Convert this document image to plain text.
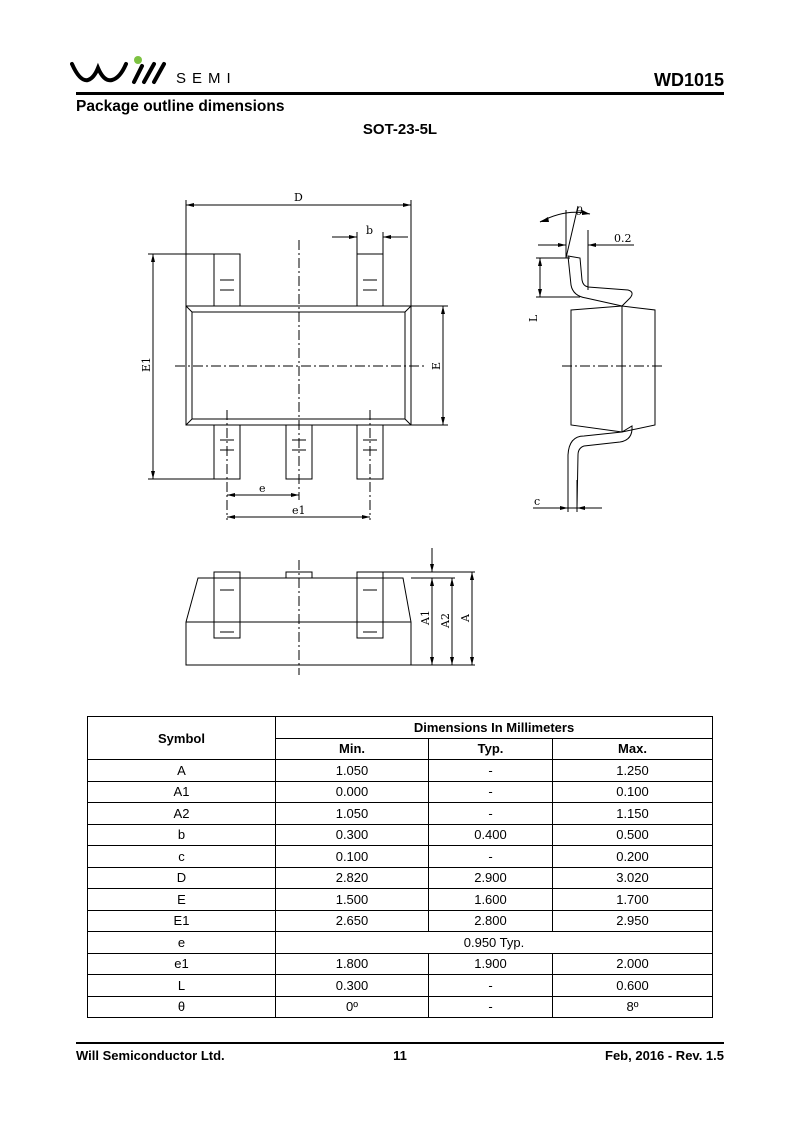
SEMI	WD1015
Package outline dimensions
SOT-23-5L
D
b
E1	E
e
e1
θ
0.2
L
c
A1 A2 A
Symbol	Dimensions In Millimeters		
	Min.	Typ.	Max.
A	1.050	-	1.250
A1	0.000	-	0.100
A2	1.050	-	1.150
b	0.300	0.400	0.500
c	0.100	-	0.200
D	2.820	2.900	3.020
E	1.500	1.600	1.700
E1	2.650	2.800	2.950
e	0.950 Typ.		
e1	1.800	1.900	2.000
L	0.300	-	0.600
θ	0º	-	8º
Will Semiconductor Ltd.	11	Feb, 2016 - Rev. 1.5
